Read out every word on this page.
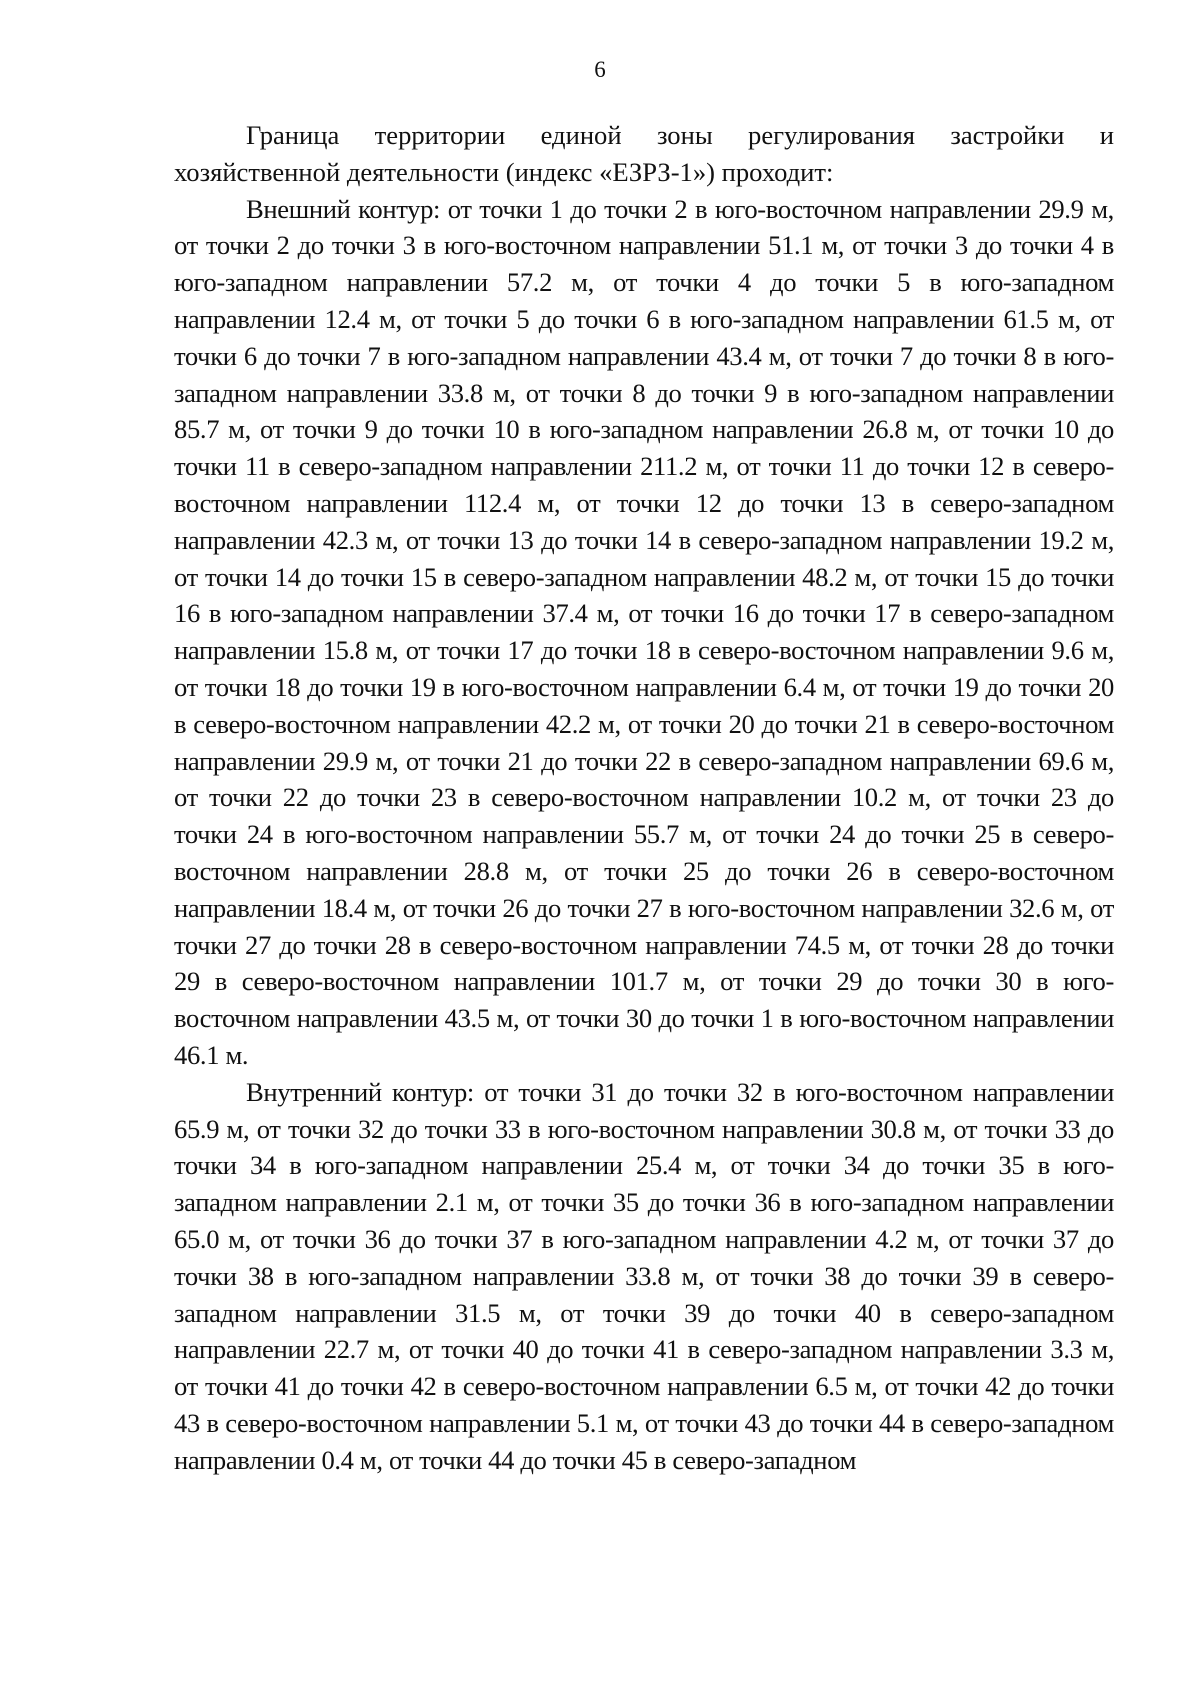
6

Граница территории единой зоны регулирования застройки и хозяйственной деятельности (индекс «ЕЗРЗ-1») проходит:

Внешний контур: от точки 1 до точки 2 в юго-восточном направлении 29.9 м, от точки 2 до точки 3 в юго-восточном направлении 51.1 м, от точки 3 до точки 4 в юго-западном направлении 57.2 м, от точки 4 до точки 5 в юго-западном направлении 12.4 м, от точки 5 до точки 6 в юго-западном направлении 61.5 м, от точки 6 до точки 7 в юго-западном направлении 43.4 м, от точки 7 до точки 8 в юго-западном направлении 33.8 м, от точки 8 до точки 9 в юго-западном направлении 85.7 м, от точки 9 до точки 10 в юго-западном направлении 26.8 м, от точки 10 до точки 11 в северо-западном направлении 211.2 м, от точки 11 до точки 12 в северо-восточном направлении 112.4 м, от точки 12 до точки 13 в северо-западном направлении 42.3 м, от точки 13 до точки 14 в северо-западном направлении 19.2 м, от точки 14 до точки 15 в северо-западном направлении 48.2 м, от точки 15 до точки 16 в юго-западном направлении 37.4 м, от точки 16 до точки 17 в северо-западном направлении 15.8 м, от точки 17 до точки 18 в северо-восточном направлении 9.6 м, от точки 18 до точки 19 в юго-восточном направлении 6.4 м, от точки 19 до точки 20 в северо-восточном направлении 42.2 м, от точки 20 до точки 21 в северо-восточном направлении 29.9 м, от точки 21 до точки 22 в северо-западном направлении 69.6 м, от точки 22 до точки 23 в северо-восточном направлении 10.2 м, от точки 23 до точки 24 в юго-восточном направлении 55.7 м, от точки 24 до точки 25 в северо-восточном направлении 28.8 м, от точки 25 до точки 26 в северо-восточном направлении 18.4 м, от точки 26 до точки 27 в юго-восточном направлении 32.6 м, от точки 27 до точки 28 в северо-восточном направлении 74.5 м, от точки 28 до точки 29 в северо-восточном направлении 101.7 м, от точки 29 до точки 30 в юго-восточном направлении 43.5 м, от точки 30 до точки 1 в юго-восточном направлении 46.1 м.

Внутренний контур: от точки 31 до точки 32 в юго-восточном направлении 65.9 м, от точки 32 до точки 33 в юго-восточном направлении 30.8 м, от точки 33 до точки 34 в юго-западном направлении 25.4 м, от точки 34 до точки 35 в юго-западном направлении 2.1 м, от точки 35 до точки 36 в юго-западном направлении 65.0 м, от точки 36 до точки 37 в юго-западном направлении 4.2 м, от точки 37 до точки 38 в юго-западном направлении 33.8 м, от точки 38 до точки 39 в северо-западном направлении 31.5 м, от точки 39 до точки 40 в северо-западном направлении 22.7 м, от точки 40 до точки 41 в северо-западном направлении 3.3 м, от точки 41 до точки 42 в северо-восточном направлении 6.5 м, от точки 42 до точки 43 в северо-восточном направлении 5.1 м, от точки 43 до точки 44 в северо-западном направлении 0.4 м, от точки 44 до точки 45 в северо-западном
